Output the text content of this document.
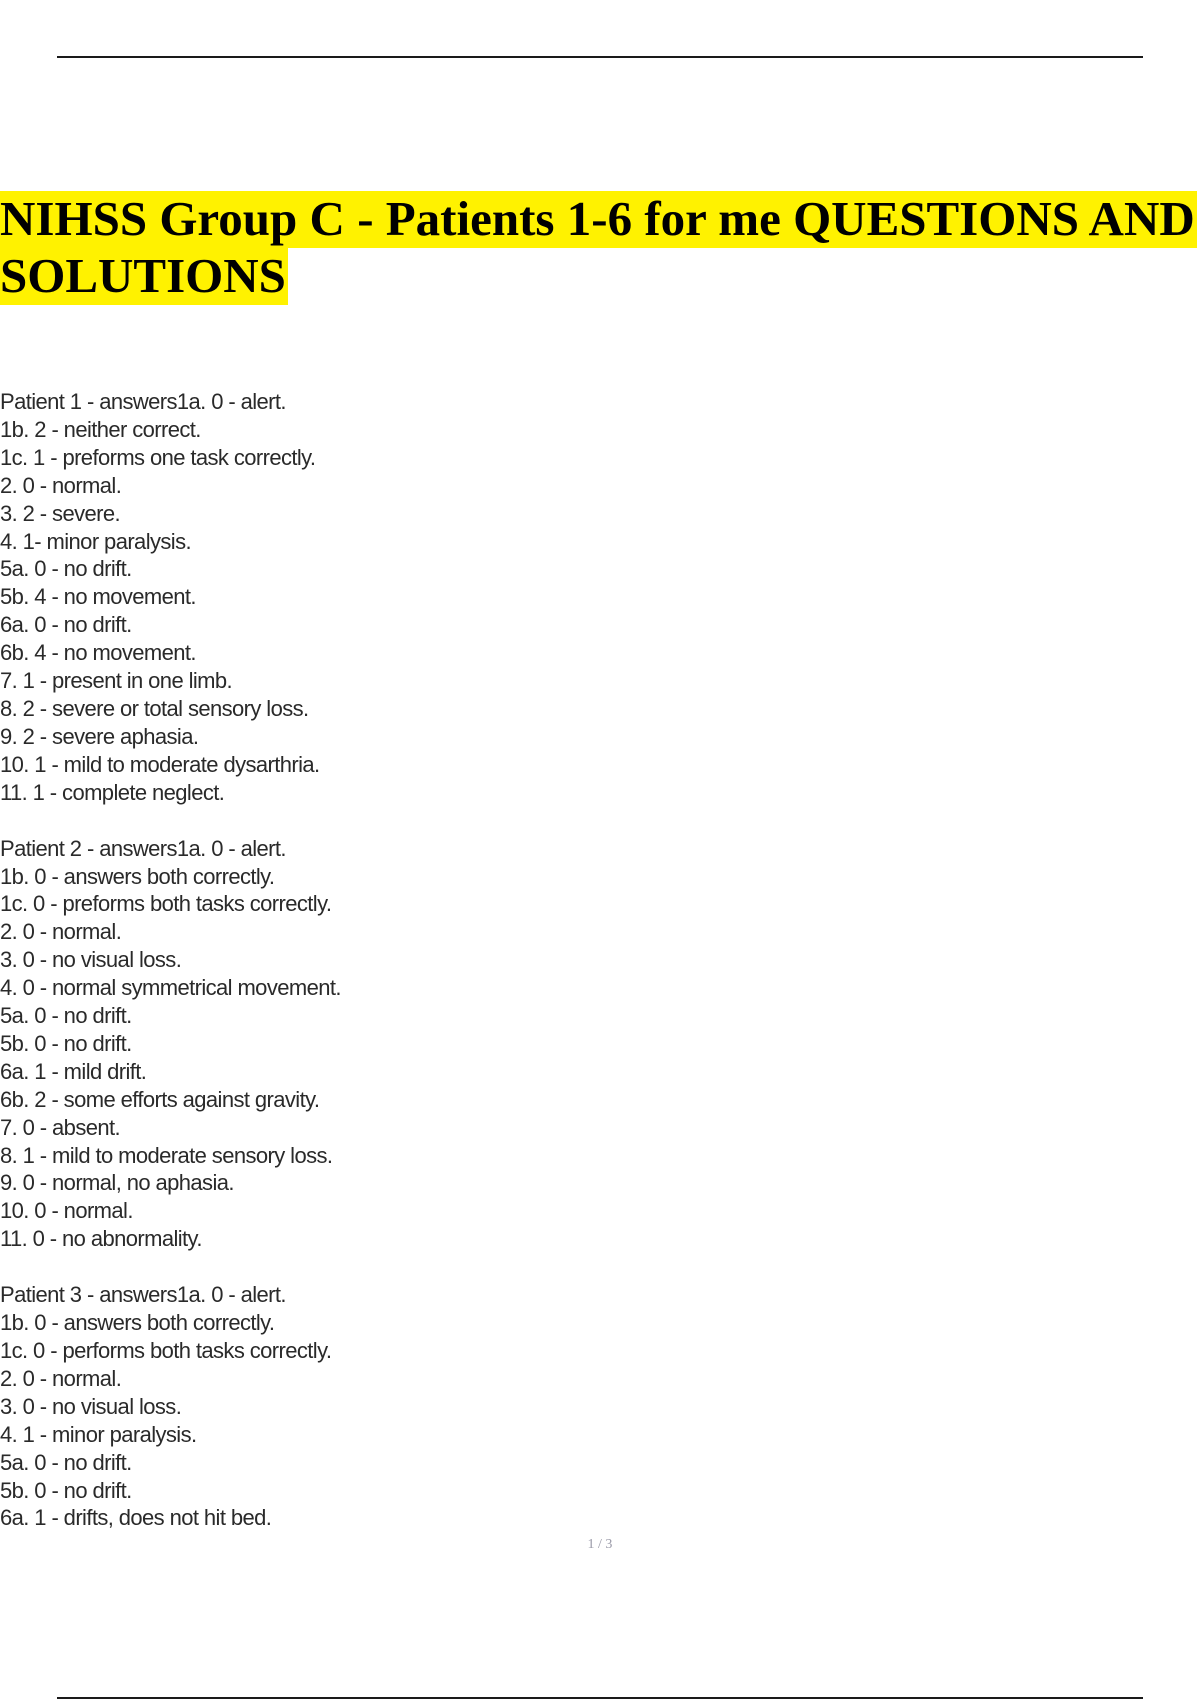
NIHSS Group C - Patients 1-6 for me QUESTIONS AND SOLUTIONS
Patient 1 - answers1a. 0 - alert.
1b. 2 - neither correct.
1c. 1 - preforms one task correctly.
2. 0 - normal.
3. 2 - severe.
4. 1- minor paralysis.
5a. 0 - no drift.
5b. 4 - no movement.
6a. 0 - no drift.
6b. 4 - no movement.
7. 1 - present in one limb.
8. 2 - severe or total sensory loss.
9. 2 - severe aphasia.
10. 1 - mild to moderate dysarthria.
11. 1 - complete neglect.
Patient 2 - answers1a. 0 - alert.
1b. 0 - answers both correctly.
1c. 0 - preforms both tasks correctly.
2. 0 - normal.
3. 0 - no visual loss.
4. 0 - normal symmetrical movement.
5a. 0 - no drift.
5b. 0 - no drift.
6a. 1 - mild drift.
6b. 2 - some efforts against gravity.
7. 0 - absent.
8. 1 - mild to moderate sensory loss.
9. 0 - normal, no aphasia.
10. 0 - normal.
11. 0 - no abnormality.
Patient 3 - answers1a. 0 - alert.
1b. 0 - answers both correctly.
1c. 0 - performs both tasks correctly.
2. 0 - normal.
3. 0 - no visual loss.
4. 1 - minor paralysis.
5a. 0 - no drift.
5b. 0 - no drift.
6a. 1 - drifts, does not hit bed.
1 / 3
